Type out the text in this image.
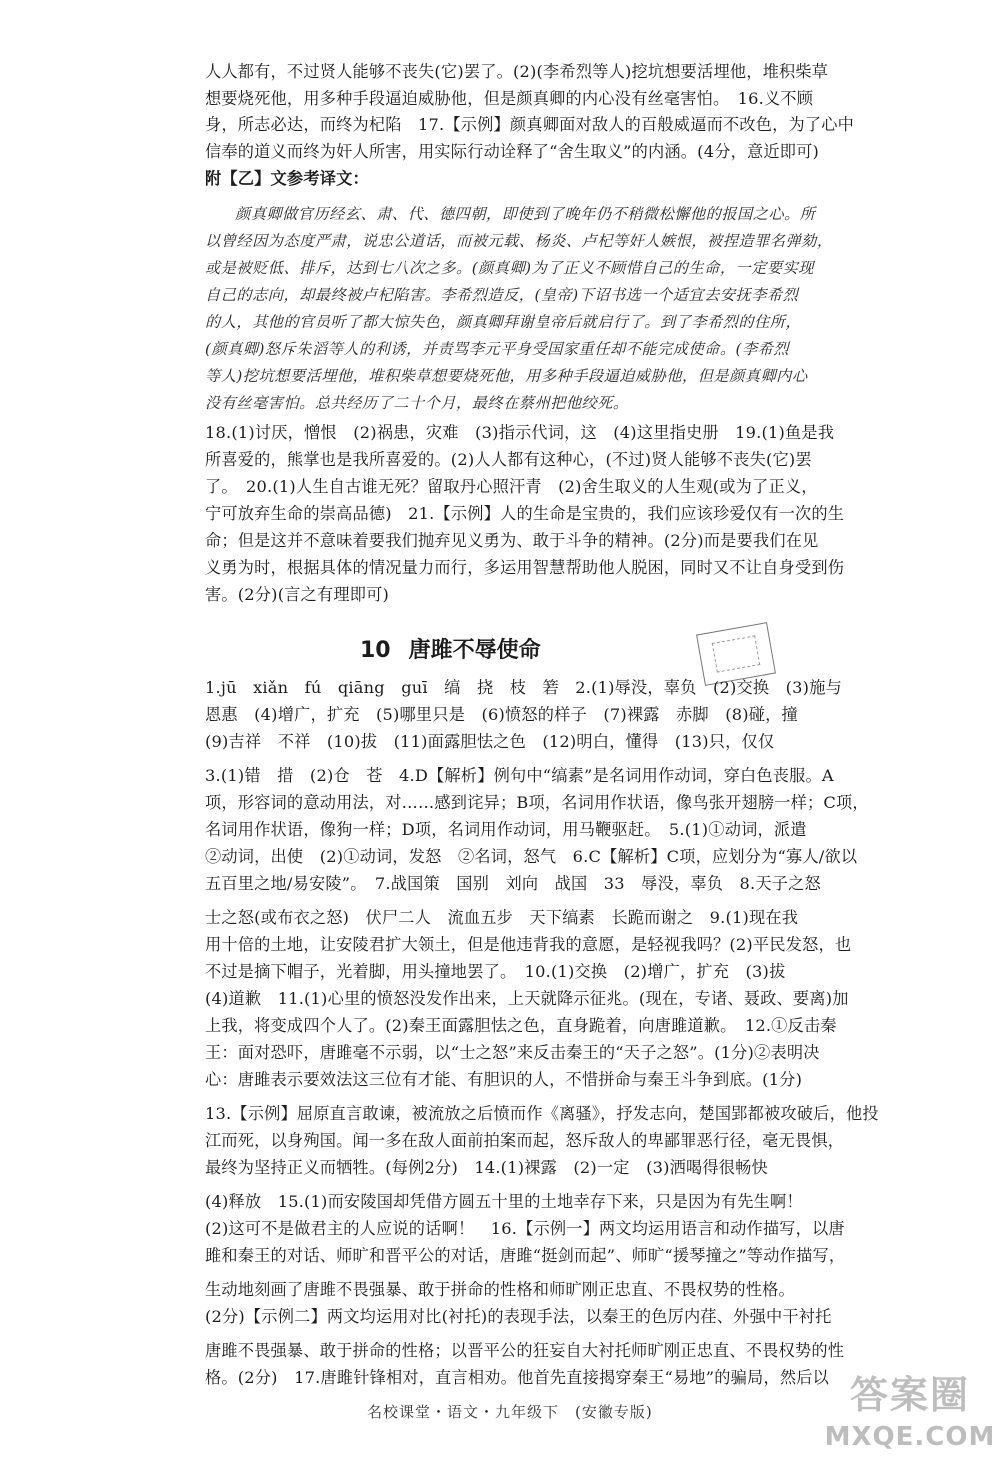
人人都有，不过贤人能够不丧失(它)罢了。(2)(李希烈等人)挖坑想要活埋他，堆积柴草
想要烧死他，用多种手段逼迫威胁他，但是颜真卿的内心没有丝毫害怕。　16.义不顾
身，所志必达，而终为杞陷　17.【示例】颜真卿面对敌人的百般威逼而不改色，为了心中
信奉的道义而终为奸人所害，用实际行动诠释了“舍生取义”的内涵。(4分，意近即可)
附【乙】文参考译文：
颜真卿做官历经玄、肃、代、德四朝，即使到了晚年仍不稍微松懈他的报国之心。所
以曾经因为态度严肃，说忠公道话，而被元载、杨炎、卢杞等奸人嫉恨，被捏造罪名弹劾，
或是被贬低、排斥，达到七八次之多。(颜真卿)为了正义不顾惜自己的生命，一定要实现
自己的志向，却最终被卢杞陷害。李希烈造反，(皇帝)下诏书选一个适宜去安抚李希烈
的人，其他的官员听了都大惊失色，颜真卿拜谢皇帝后就启行了。到了李希烈的住所，
(颜真卿)怒斥朱滔等人的利诱，并责骂李元平身受国家重任却不能完成使命。(李希烈
等人)挖坑想要活埋他，堆积柴草想要烧死他，用多种手段逼迫威胁他，但是颜真卿内心
没有丝毫害怕。总共经历了二十个月，最终在蔡州把他绞死。
18.(1)讨厌，憎恨　(2)祸患，灾难　(3)指示代词，这　(4)这里指史册　19.(1)鱼是我
所喜爱的，熊掌也是我所喜爱的。(2)人人都有这种心，(不过)贤人能够不丧失(它)罢
了。　20.(1)人生自古谁无死？留取丹心照汗青　(2)舍生取义的人生观(或为了正义，
宁可放弃生命的崇高品德)　21.【示例】人的生命是宝贵的，我们应该珍爱仅有一次的生
命；但是这并不意味着要我们抛弃见义勇为、敢于斗争的精神。(2分)而是要我们在见
义勇为时，根据具体的情况量力而行，多运用智慧帮助他人脱困，同时又不让自身受到伤
害。(2分)(言之有理即可)
10 唐雎不辱使命
1.jū　xiǎn　fú　qiāng　guī　缟　挠　枝　箬　2.(1)辱没，辜负　(2)交换　(3)施与
恩惠　(4)增广，扩充　(5)哪里只是　(6)愤怒的样子　(7)裸露　赤脚　(8)碰，撞
(9)吉祥　不祥　(10)拔　(11)面露胆怯之色　(12)明白，懂得　(13)只，仅仅
3.(1)错　措　(2)仓　苍　4.D【解析】例句中“缟素”是名词用作动词，穿白色丧服。A
项，形容词的意动用法，对……感到诧异；B项，名词用作状语，像鸟张开翅膀一样；C项，
名词用作状语，像狗一样；D项，名词用作动词，用马鞭驱赶。　5.(1)①动词，派遣
②动词，出使　(2)①动词，发怒　②名词，怒气　6.C【解析】C项，应划分为“寡人/欲以
五百里之地/易安陵”。　7.战国策　国别　刘向　战国　33　辱没，辜负　8.天子之怒
士之怒(或布衣之怒)　伏尸二人　流血五步　天下缟素　长跪而谢之　9.(1)现在我
用十倍的土地，让安陵君扩大领土，但是他违背我的意愿，是轻视我吗？(2)平民发怒，也
不过是摘下帽子，光着脚，用头撞地罢了。　10.(1)交换　(2)增广，扩充　(3)拔
(4)道歉　11.(1)心里的愤怒没发作出来，上天就降示征兆。(现在，专诸、聂政、要离)加
上我，将变成四个人了。(2)秦王面露胆怯之色，直身跪着，向唐雎道歉。　12.①反击秦
王：面对恐吓，唐雎毫不示弱，以“士之怒”来反击秦王的“天子之怒”。(1分)②表明决
心：唐雎表示要效法这三位有才能、有胆识的人，不惜拼命与秦王斗争到底。(1分)
13.【示例】屈原直言敢谏，被流放之后愤而作《离骚》，抒发志向，楚国郢都被攻破后，他投
江而死，以身殉国。闻一多在敌人面前拍案而起，怒斥敌人的卑鄙罪恶行径，毫无畏惧，
最终为坚持正义而牺牲。(每例2分)　14.(1)裸露　(2)一定　(3)洒喝得很畅快
(4)释放　15.(1)而安陵国却凭借方圆五十里的土地幸存下来，只是因为有先生啊！
(2)这可不是做君主的人应说的话啊！　16.【示例一】两文均运用语言和动作描写，以唐
雎和秦王的对话、师旷和晋平公的对话，唐雎“挺剑而起”、师旷“援琴撞之”等动作描写，
生动地刻画了唐雎不畏强暴、敢于拼命的性格和师旷刚正忠直、不畏权势的性格。
(2分)【示例二】两文均运用对比(衬托)的表现手法，以秦王的色厉内荏、外强中干衬托
唐雎不畏强暴、敢于拼命的性格；以晋平公的狂妄自大衬托师旷刚正忠直、不畏权势的性
格。(2分)　17.唐雎针锋相对，直言相劝。他首先直接揭穿秦王“易地”的骗局，然后以
名校课堂・语文・九年级下　(安徽专版)	答案圈
MXQE.COM
